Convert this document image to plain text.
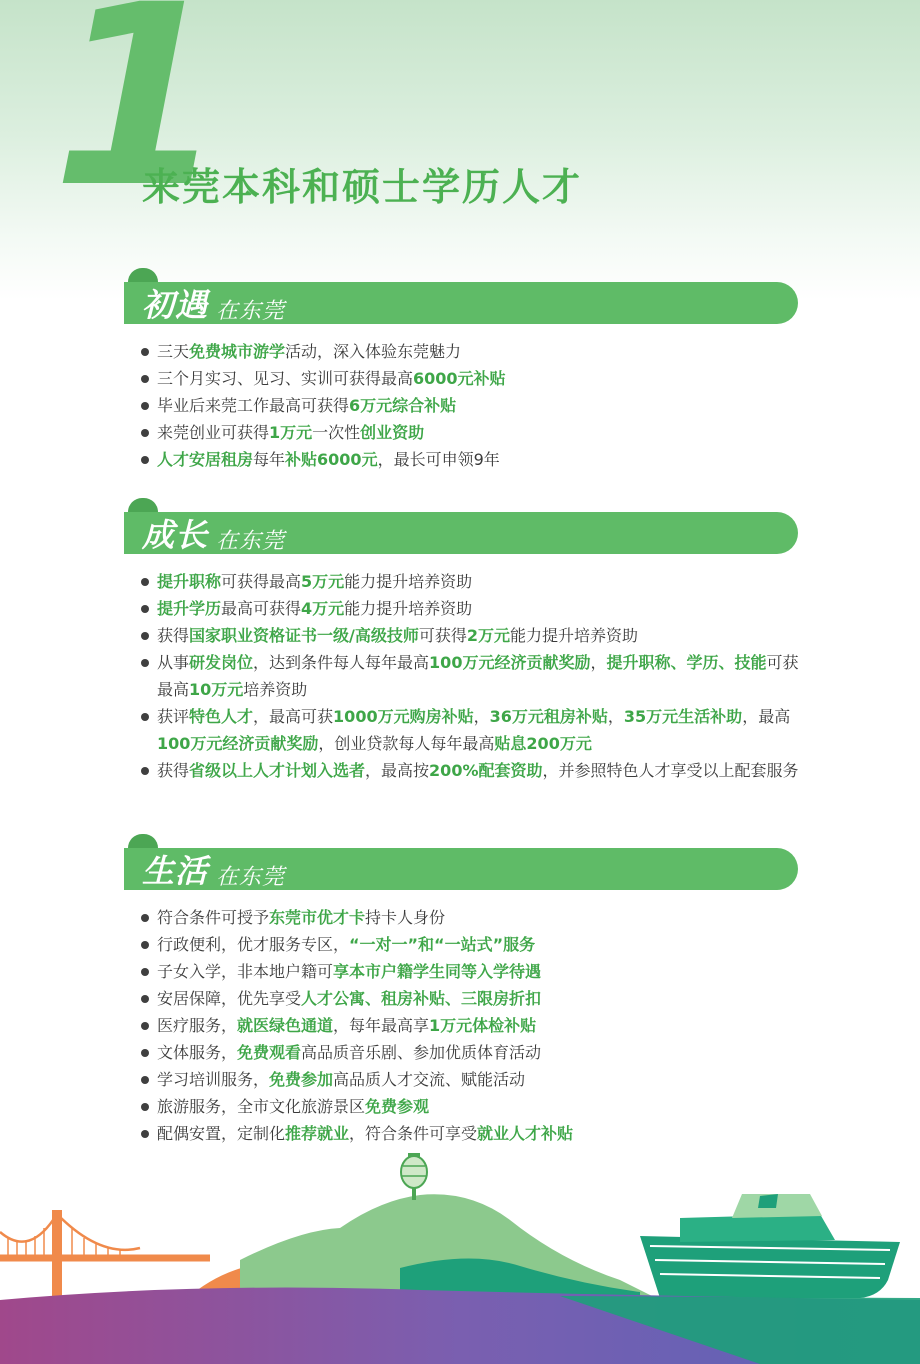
1
来莞本科和硕士学历人才
初遇 在东莞
三天免费城市游学活动，深入体验东莞魅力
三个月实习、见习、实训可获得最高6000元补贴
毕业后来莞工作最高可获得6万元综合补贴
来莞创业可获得1万元一次性创业资助
人才安居租房每年补贴6000元，最长可申领9年
成长 在东莞
提升职称可获得最高5万元能力提升培养资助
提升学历最高可获得4万元能力提升培养资助
获得国家职业资格证书一级/高级技师可获得2万元能力提升培养资助
从事研发岗位，达到条件每人每年最高100万元经济贡献奖励，提升职称、学历、技能可获最高10万元培养资助
获评特色人才，最高可获1000万元购房补贴，36万元租房补贴，35万元生活补助，最高100万元经济贡献奖励，创业贷款每人每年最高贴息200万元
获得省级以上人才计划入选者，最高按200%配套资助，并参照特色人才享受以上配套服务
生活 在东莞
符合条件可授予东莞市优才卡持卡人身份
行政便利，优才服务专区，“一对一”和“一站式”服务
子女入学，非本地户籍可享本市户籍学生同等入学待遇
安居保障，优先享受人才公寓、租房补贴、三限房折扣
医疗服务，就医绿色通道，每年最高享1万元体检补贴
文体服务，免费观看高品质音乐剧、参加优质体育活动
学习培训服务，免费参加高品质人才交流、赋能活动
旅游服务，全市文化旅游景区免费参观
配偶安置，定制化推荐就业，符合条件可享受就业人才补贴
